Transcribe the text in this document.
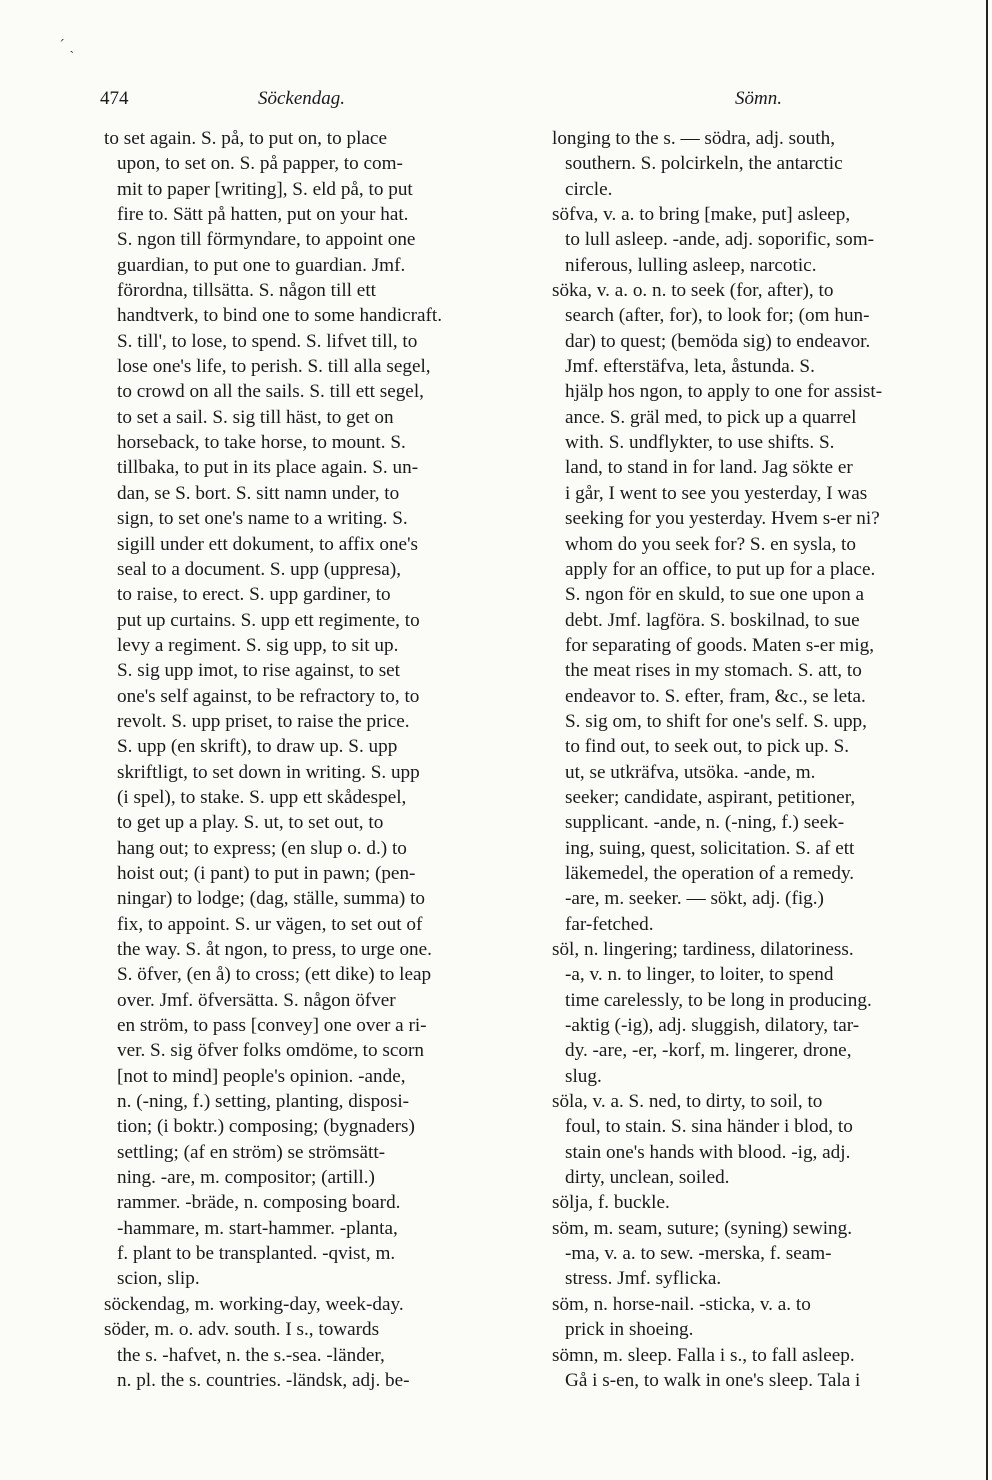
ˊ ˎ
474	Söckendag.	Sömn.
to set again. S. på, to put on, to place
upon, to set on. S. på papper, to com-
mit to paper [writing], S. eld på, to put
fire to. Sätt på hatten, put on your hat.
S. ngon till förmyndare, to appoint one
guardian, to put one to guardian. Jmf.
förordna, tillsätta. S. någon till ett
handtverk, to bind one to some handicraft.
S. till', to lose, to spend. S. lifvet till, to
lose one's life, to perish. S. till alla segel,
to crowd on all the sails. S. till ett segel,
to set a sail. S. sig till häst, to get on
horseback, to take horse, to mount. S.
tillbaka, to put in its place again. S. un-
dan, se S. bort. S. sitt namn under, to
sign, to set one's name to a writing. S.
sigill under ett dokument, to affix one's
seal to a document. S. upp (uppresa),
to raise, to erect. S. upp gardiner, to
put up curtains. S. upp ett regimente, to
levy a regiment. S. sig upp, to sit up.
S. sig upp imot, to rise against, to set
one's self against, to be refractory to, to
revolt. S. upp priset, to raise the price.
S. upp (en skrift), to draw up. S. upp
skriftligt, to set down in writing. S. upp
(i spel), to stake. S. upp ett skådespel,
to get up a play. S. ut, to set out, to
hang out; to express; (en slup o. d.) to
hoist out; (i pant) to put in pawn; (pen-
ningar) to lodge; (dag, ställe, summa) to
fix, to appoint. S. ur vägen, to set out of
the way. S. åt ngon, to press, to urge one.
S. öfver, (en å) to cross; (ett dike) to leap
over. Jmf. öfversätta. S. någon öfver
en ström, to pass [convey] one over a ri-
ver. S. sig öfver folks omdöme, to scorn
[not to mind] people's opinion. -ande,
n. (-ning, f.) setting, planting, disposi-
tion; (i boktr.) composing; (bygnaders)
settling; (af en ström) se strömsätt-
ning. -are, m. compositor; (artill.)
rammer. -bräde, n. composing board.
-hammare, m. start-hammer. -planta,
f. plant to be transplanted. -qvist, m.
scion, slip.
söckendag, m. working-day, week-day.
söder, m. o. adv. south. I s., towards
the s. -hafvet, n. the s.-sea. -länder,
n. pl. the s. countries. -ländsk, adj. be-
longing to the s. — södra, adj. south,
southern. S. polcirkeln, the antarctic
circle.
söfva, v. a. to bring [make, put] asleep,
to lull asleep. -ande, adj. soporific, som-
niferous, lulling asleep, narcotic.
söka, v. a. o. n. to seek (for, after), to
search (after, for), to look for; (om hun-
dar) to quest; (bemöda sig) to endeavor.
Jmf. efterstäfva, leta, åstunda. S.
hjälp hos ngon, to apply to one for assist-
ance. S. gräl med, to pick up a quarrel
with. S. undflykter, to use shifts. S.
land, to stand in for land. Jag sökte er
i går, I went to see you yesterday, I was
seeking for you yesterday. Hvem s-er ni?
whom do you seek for? S. en sysla, to
apply for an office, to put up for a place.
S. ngon för en skuld, to sue one upon a
debt. Jmf. lagföra. S. boskilnad, to sue
for separating of goods. Maten s-er mig,
the meat rises in my stomach. S. att, to
endeavor to. S. efter, fram, &c., se leta.
S. sig om, to shift for one's self. S. upp,
to find out, to seek out, to pick up. S.
ut, se utkräfva, utsöka. -ande, m.
seeker; candidate, aspirant, petitioner,
supplicant. -ande, n. (-ning, f.) seek-
ing, suing, quest, solicitation. S. af ett
läkemedel, the operation of a remedy.
-are, m. seeker. — sökt, adj. (fig.)
far-fetched.
söl, n. lingering; tardiness, dilatoriness.
-a, v. n. to linger, to loiter, to spend
time carelessly, to be long in producing.
-aktig (-ig), adj. sluggish, dilatory, tar-
dy. -are, -er, -korf, m. lingerer, drone,
slug.
söla, v. a. S. ned, to dirty, to soil, to
foul, to stain. S. sina händer i blod, to
stain one's hands with blood. -ig, adj.
dirty, unclean, soiled.
sölja, f. buckle.
söm, m. seam, suture; (syning) sewing.
-ma, v. a. to sew. -merska, f. seam-
stress. Jmf. syflicka.
söm, n. horse-nail. -sticka, v. a. to
prick in shoeing.
sömn, m. sleep. Falla i s., to fall asleep.
Gå i s-en, to walk in one's sleep. Tala i
